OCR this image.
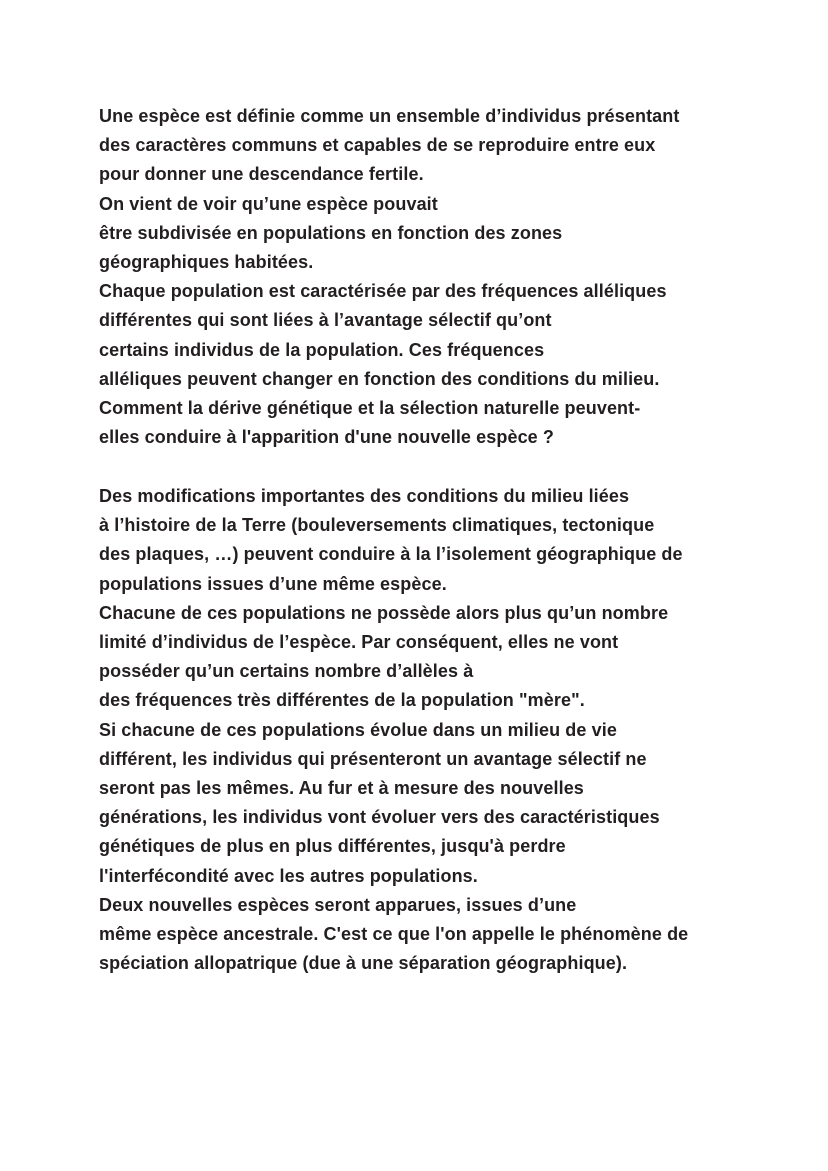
Une espèce est définie comme un ensemble d’individus présentant
des caractères communs et capables de se reproduire entre eux
pour donner une descendance fertile.
On vient de voir qu’une espèce pouvait
être subdivisée en populations en fonction des zones
géographiques habitées.
Chaque population est caractérisée par des fréquences alléliques
différentes qui sont liées à l’avantage sélectif qu’ont
certains individus de la population. Ces fréquences
alléliques peuvent changer en fonction des conditions du milieu.
Comment la dérive génétique et la sélection naturelle peuvent-
elles conduire à l'apparition d'une nouvelle espèce ?
Des modifications importantes des conditions du milieu liées
à l’histoire de la Terre (bouleversements climatiques, tectonique
des plaques, …) peuvent conduire à la l’isolement géographique de
populations issues d’une même espèce.
Chacune de ces populations ne possède alors plus qu’un nombre
limité d’individus de l’espèce. Par conséquent, elles ne vont
posséder qu’un certains nombre d’allèles à
des fréquences très différentes de la population "mère".
Si chacune de ces populations évolue dans un milieu de vie
différent, les individus qui présenteront un avantage sélectif ne
seront pas les mêmes. Au fur et à mesure des nouvelles
générations, les individus vont évoluer vers des caractéristiques
génétiques de plus en plus différentes, jusqu'à perdre
l'interfécondité avec les autres populations.
Deux nouvelles espèces seront apparues, issues d’une
même espèce ancestrale. C'est ce que l'on appelle le phénomène de
spéciation allopatrique (due à une séparation géographique).
